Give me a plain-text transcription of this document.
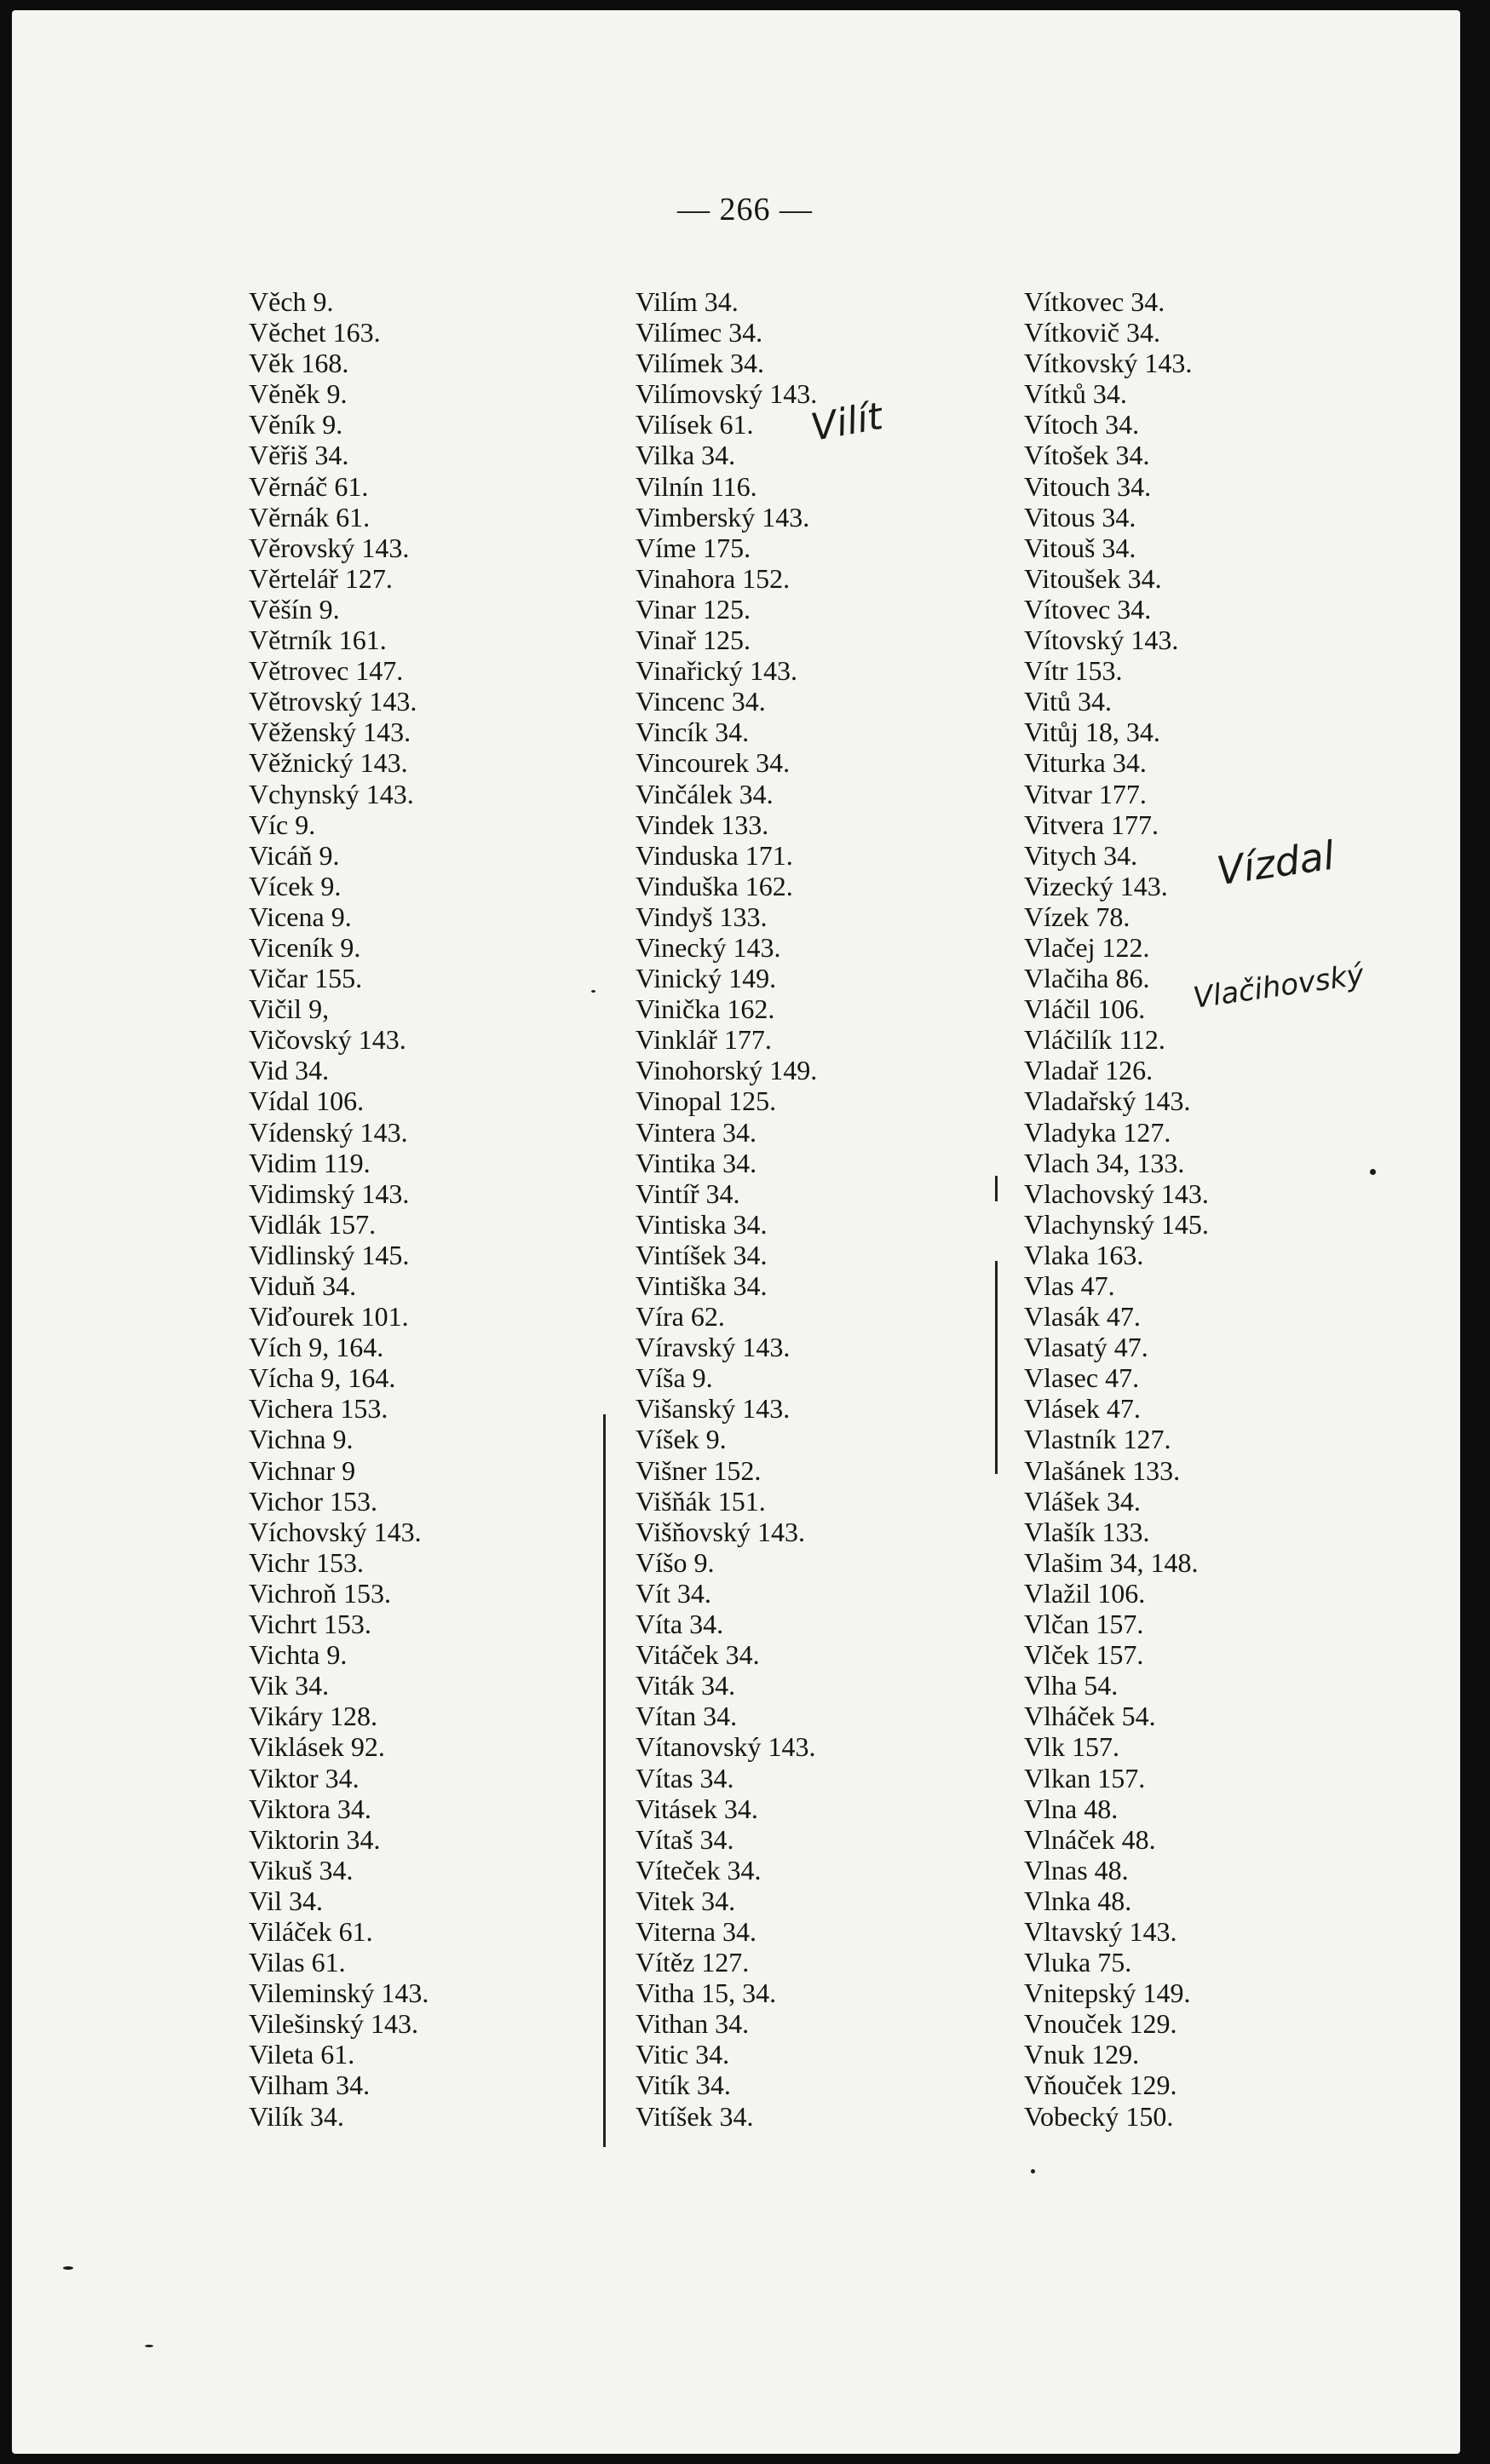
— 266 —
Věch 9.
Věchet 163.
Věk 168.
Věněk 9.
Věník 9.
Věřiš 34.
Věrnáč 61.
Věrnák 61.
Věrovský 143.
Věrtelář 127.
Věšín 9.
Větrník 161.
Větrovec 147.
Větrovský 143.
Věženský 143.
Věžnický 143.
Vchynský 143.
Víc 9.
Vicáň 9.
Vícek 9.
Vicena 9.
Viceník 9.
Vičar 155.
Vičil 9,
Vičovský 143.
Vid 34.
Vídal 106.
Vídenský 143.
Vidim 119.
Vidimský 143.
Vidlák 157.
Vidlinský 145.
Viduň 34.
Viďourek 101.
Vích 9, 164.
Vícha 9, 164.
Vichera 153.
Vichna 9.
Vichnar 9
Vichor 153.
Víchovský 143.
Vichr 153.
Vichroň 153.
Vichrt 153.
Vichta 9.
Vik 34.
Vikáry 128.
Viklásek 92.
Viktor 34.
Viktora 34.
Viktorin 34.
Vikuš 34.
Vil 34.
Viláček 61.
Vilas 61.
Vileminský 143.
Vilešinský 143.
Vileta 61.
Vilham 34.
Vilík 34.
Vilím 34.
Vilímec 34.
Vilímek 34.
Vilímovský 143.
Vilísek 61.
Vilka 34.
Vilnín 116.
Vimberský 143.
Víme 175.
Vinahora 152.
Vinar 125.
Vinař 125.
Vinařický 143.
Vincenc 34.
Vincík 34.
Vincourek 34.
Vinčálek 34.
Vindek 133.
Vinduska 171.
Vinduška 162.
Vindyš 133.
Vinecký 143.
Vinický 149.
Vinička 162.
Vinklář 177.
Vinohorský 149.
Vinopal 125.
Vintera 34.
Vintika 34.
Vintíř 34.
Vintiska 34.
Vintíšek 34.
Vintiška 34.
Víra 62.
Víravský 143.
Víša 9.
Višanský 143.
Víšek 9.
Višner 152.
Višňák 151.
Višňovský 143.
Víšo 9.
Vít 34.
Víta 34.
Vitáček 34.
Viták 34.
Vítan 34.
Vítanovský 143.
Vítas 34.
Vitásek 34.
Vítaš 34.
Víteček 34.
Vitek 34.
Viterna 34.
Vítěz 127.
Vitha 15, 34.
Vithan 34.
Vitic 34.
Vitík 34.
Vitíšek 34.
Vítkovec 34.
Vítkovič 34.
Vítkovský 143.
Vítků 34.
Vítoch 34.
Vítošek 34.
Vitouch 34.
Vitous 34.
Vitouš 34.
Vitoušek 34.
Vítovec 34.
Vítovský 143.
Vítr 153.
Vitů 34.
Vitůj 18, 34.
Viturka 34.
Vitvar 177.
Vitvera 177.
Vitych 34.
Vizecký 143.
Vízek 78.
Vlačej 122.
Vlačiha 86.
Vláčil 106.
Vláčilík 112.
Vladař 126.
Vladařský 143.
Vladyka 127.
Vlach 34, 133.
Vlachovský 143.
Vlachynský 145.
Vlaka 163.
Vlas 47.
Vlasák 47.
Vlasatý 47.
Vlasec 47.
Vlásek 47.
Vlastník 127.
Vlašánek 133.
Vlášek 34.
Vlašík 133.
Vlašim 34, 148.
Vlažil 106.
Vlčan 157.
Vlček 157.
Vlha 54.
Vlháček 54.
Vlk 157.
Vlkan 157.
Vlna 48.
Vlnáček 48.
Vlnas 48.
Vlnka 48.
Vltavský 143.
Vluka 75.
Vnitерský 149.
Vnouček 129.
Vnuk 129.
Vňouček 129.
Vobecký 150.
Vilít
Vízdal
Vlačihovský
